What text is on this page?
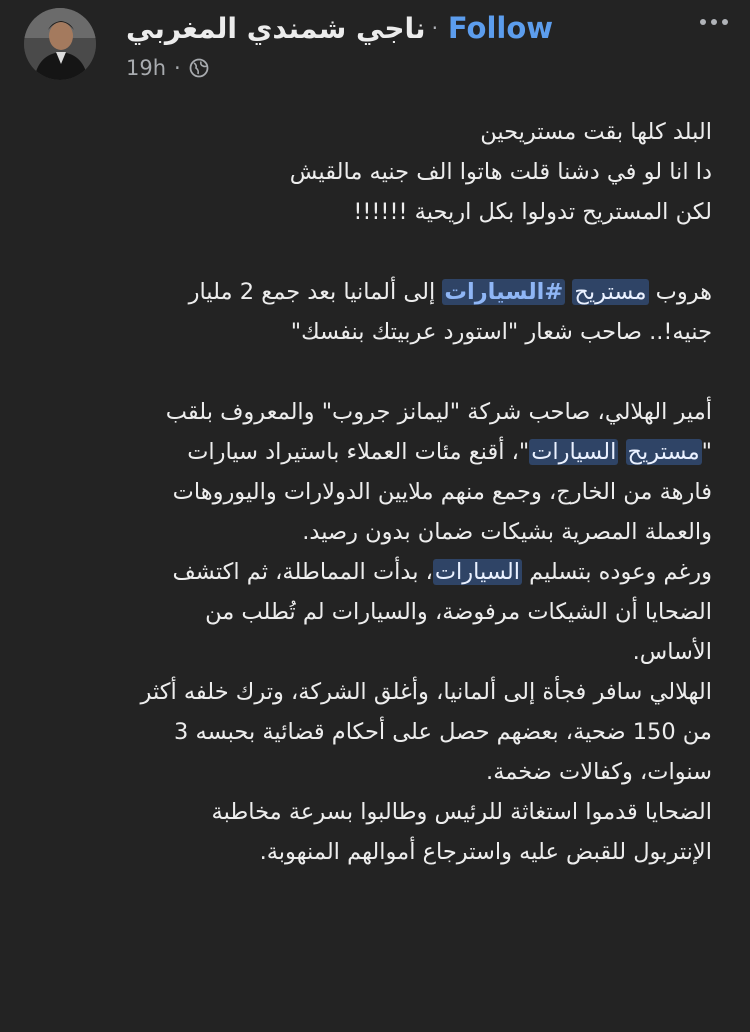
ناجي شمندي المغربي · Follow
19h ·

البلد كلها بقت مستريحين
دا انا لو في دشنا قلت هاتوا الف جنيه مالقيش
لكن المستريح تدولوا بكل اريحية !!!!!!

هروب مستريح #السيارات إلى ألمانيا بعد جمع 2 مليار
جنيه!.. صاحب شعار "استورد عربيتك بنفسك"

أمير الهلالي، صاحب شركة "ليمانز جروب" والمعروف بلقب
"مستريح السيارات"، أقنع مئات العملاء باستيراد سيارات
فارهة من الخارج، وجمع منهم ملايين الدولارات واليوروهات
والعملة المصرية بشيكات ضمان بدون رصيد.
ورغم وعوده بتسليم السيارات، بدأت المماطلة، ثم اكتشف
الضحايا أن الشيكات مرفوضة، والسيارات لم تُطلب من
الأساس.
الهلالي سافر فجأة إلى ألمانيا، وأغلق الشركة، وترك خلفه أكثر
من 150 ضحية، بعضهم حصل على أحكام قضائية بحبسه 3
سنوات، وكفالات ضخمة.
الضحايا قدموا استغاثة للرئيس وطالبوا بسرعة مخاطبة
الإنتربول للقبض عليه واسترجاع أموالهم المنهوبة.
